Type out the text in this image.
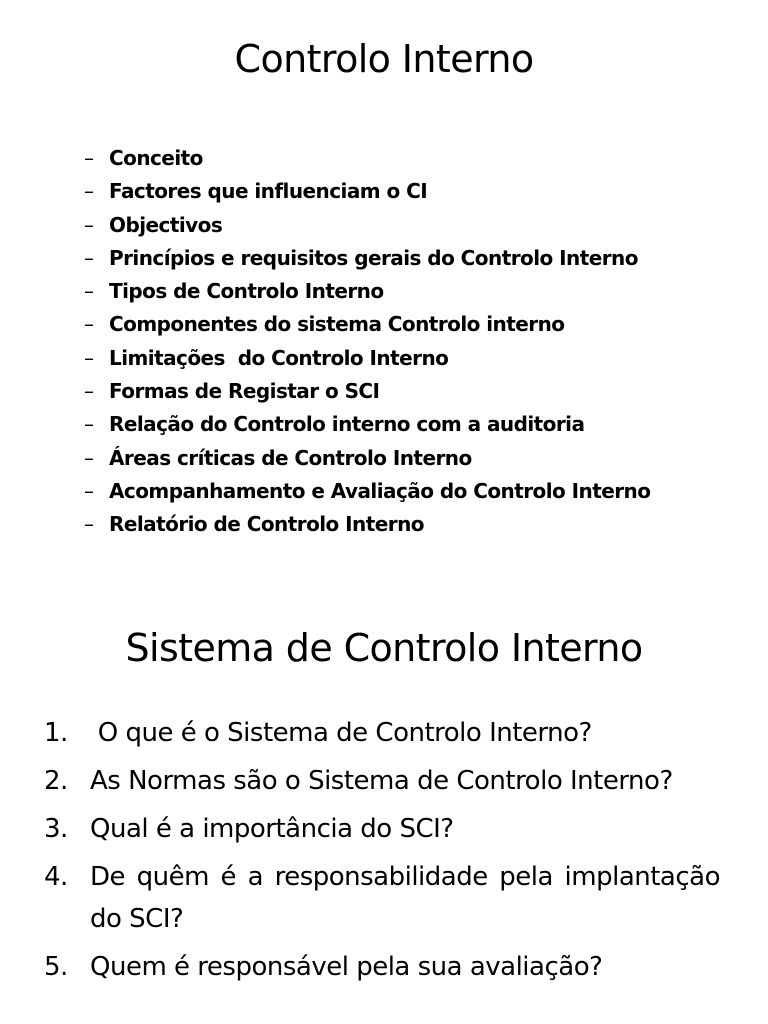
Controlo Interno
– Conceito
– Factores que influenciam o CI
– Objectivos
– Princípios e requisitos gerais do Controlo Interno
– Tipos de Controlo Interno
– Componentes do sistema Controlo interno
– Limitações  do Controlo Interno
– Formas de Registar o SCI
– Relação do Controlo interno com a auditoria
– Áreas críticas de Controlo Interno
– Acompanhamento e Avaliação do Controlo Interno
– Relatório de Controlo Interno
Sistema de Controlo Interno
1. O que é o Sistema de Controlo Interno?
2. As Normas são o Sistema de Controlo Interno?
3. Qual é a importância do SCI?
4. De quêm é a responsabilidade pela implantação do SCI?
5. Quem é responsável pela sua avaliação?
